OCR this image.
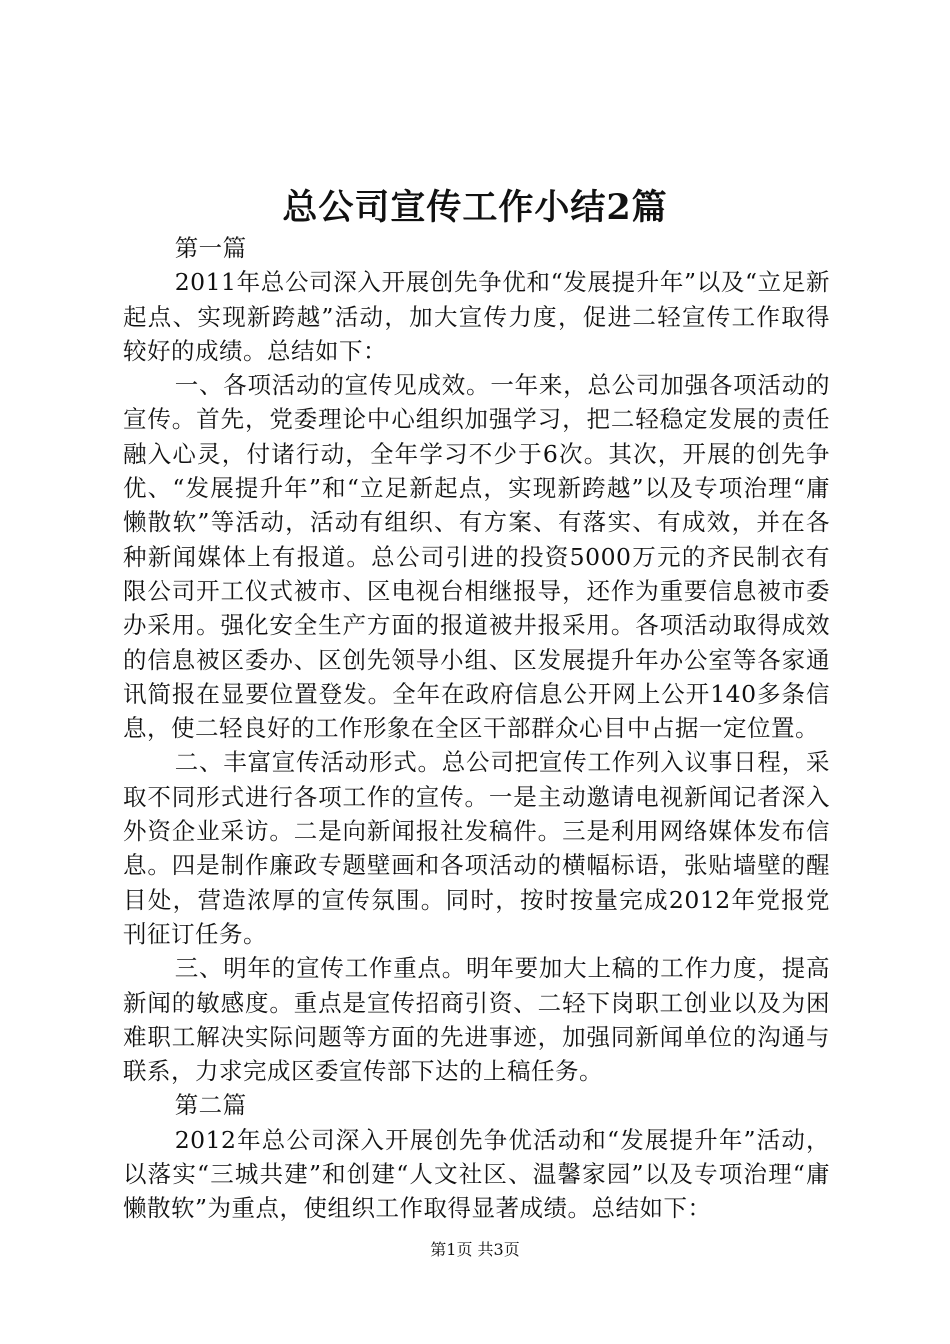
总公司宣传工作小结2篇

第一篇

2011年总公司深入开展创先争优和“发展提升年”以及“立足新起点、实现新跨越”活动，加大宣传力度，促进二轻宣传工作取得较好的成绩。总结如下：

一、各项活动的宣传见成效。一年来，总公司加强各项活动的宣传。首先，党委理论中心组织加强学习，把二轻稳定发展的责任融入心灵，付诸行动，全年学习不少于6次。其次，开展的创先争优、“发展提升年”和“立足新起点，实现新跨越”以及专项治理“庸懒散软”等活动，活动有组织、有方案、有落实、有成效，并在各种新闻媒体上有报道。总公司引进的投资5000万元的齐民制衣有限公司开工仪式被市、区电视台相继报导，还作为重要信息被市委办采用。强化安全生产方面的报道被井报采用。各项活动取得成效的信息被区委办、区创先领导小组、区发展提升年办公室等各家通讯简报在显要位置登发。全年在政府信息公开网上公开140多条信息，使二轻良好的工作形象在全区干部群众心目中占据一定位置。

二、丰富宣传活动形式。总公司把宣传工作列入议事日程，采取不同形式进行各项工作的宣传。一是主动邀请电视新闻记者深入外资企业采访。二是向新闻报社发稿件。三是利用网络媒体发布信息。四是制作廉政专题壁画和各项活动的横幅标语，张贴墙壁的醒目处，营造浓厚的宣传氛围。同时，按时按量完成2012年党报党刊征订任务。

三、明年的宣传工作重点。明年要加大上稿的工作力度，提高新闻的敏感度。重点是宣传招商引资、二轻下岗职工创业以及为困难职工解决实际问题等方面的先进事迹，加强同新闻单位的沟通与联系，力求完成区委宣传部下达的上稿任务。

第二篇

2012年总公司深入开展创先争优活动和“发展提升年”活动，以落实“三城共建”和创建“人文社区、温馨家园”以及专项治理“庸懒散软”为重点，使组织工作取得显著成绩。总结如下：

第1页 共3页
